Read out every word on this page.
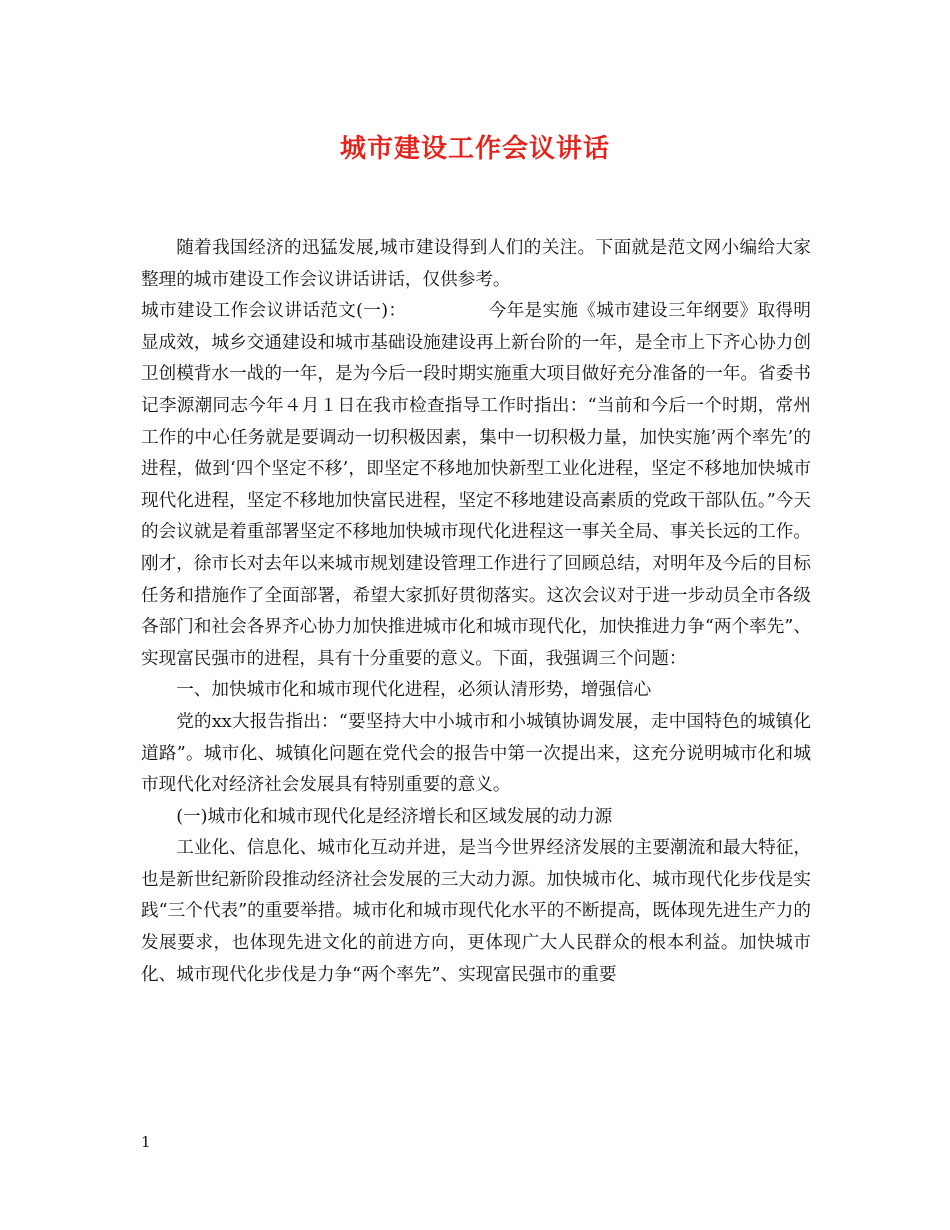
城市建设工作会议讲话

随着我国经济的迅猛发展,城市建设得到人们的关注。下面就是范文网小编给大家整理的城市建设工作会议讲话讲话，仅供参考。

城市建设工作会议讲话范文(一)：	今年是实施《城市建设三年纲要》取得明显成效，城乡交通建设和城市基础设施建设再上新台阶的一年，是全市上下齐心协力创卫创模背水一战的一年，是为今后一段时期实施重大项目做好充分准备的一年。省委书记李源潮同志今年４月１日在我市检查指导工作时指出：“当前和今后一个时期，常州工作的中心任务就是要调动一切积极因素，集中一切积极力量，加快实施’两个率先’的进程，做到‘四个坚定不移’，即坚定不移地加快新型工业化进程，坚定不移地加快城市现代化进程，坚定不移地加快富民进程，坚定不移地建设高素质的党政干部队伍。”今天的会议就是着重部署坚定不移地加快城市现代化进程这一事关全局、事关长远的工作。刚才，徐市长对去年以来城市规划建设管理工作进行了回顾总结，对明年及今后的目标任务和措施作了全面部署，希望大家抓好贯彻落实。这次会议对于进一步动员全市各级各部门和社会各界齐心协力加快推进城市化和城市现代化，加快推进力争“两个率先”、实现富民强市的进程，具有十分重要的意义。下面，我强调三个问题：

一、加快城市化和城市现代化进程，必须认清形势，增强信心

党的xx大报告指出：“要坚持大中小城市和小城镇协调发展，走中国特色的城镇化道路”。城市化、城镇化问题在党代会的报告中第一次提出来，这充分说明城市化和城市现代化对经济社会发展具有特别重要的意义。

(一)城市化和城市现代化是经济增长和区域发展的动力源

工业化、信息化、城市化互动并进，是当今世界经济发展的主要潮流和最大特征，也是新世纪新阶段推动经济社会发展的三大动力源。加快城市化、城市现代化步伐是实践“三个代表”的重要举措。城市化和城市现代化水平的不断提高，既体现先进生产力的发展要求，也体现先进文化的前进方向，更体现广大人民群众的根本利益。加快城市化、城市现代化步伐是力争“两个率先”、实现富民强市的重要

1
